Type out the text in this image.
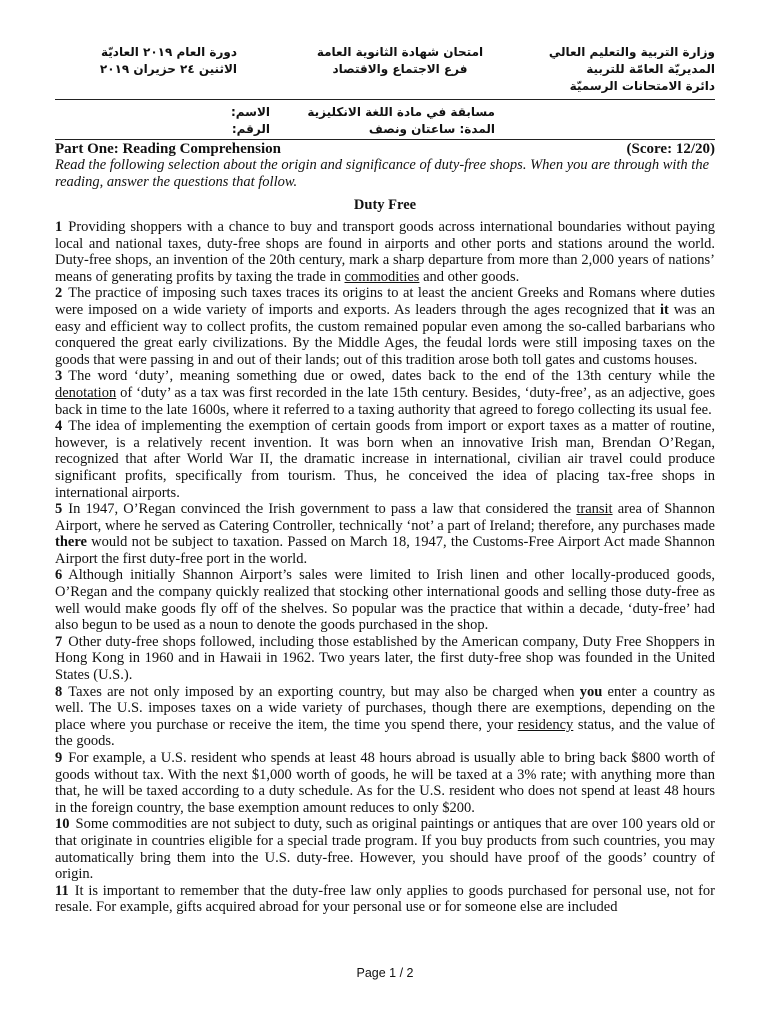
وزارة التربية والتعليم العالي
المديريّة العامّة للتربية
دائرة الامتحانات الرسميّة
امتحان شهادة الثانوية العامة
فرع الاجتماع والاقتصاد
دورة العام ٢٠١٩ العاديّة
الاثنين ٢٤ حزيران ٢٠١٩
مسابقة في مادة اللغة الانكليزية
المدة: ساعتان ونصف
الاسم:
الرقم:
Part One: Reading Comprehension	(Score: 12/20)
Read the following selection about the origin and significance of duty-free shops. When you are through with the reading, answer the questions that follow.
Duty Free

1 Providing shoppers with a chance to buy and transport goods across international boundaries without paying local and national taxes, duty-free shops are found in airports and other ports and stations around the world. Duty-free shops, an invention of the 20th century, mark a sharp departure from more than 2,000 years of nations’ means of generating profits by taxing the trade in commodities and other goods.

2 The practice of imposing such taxes traces its origins to at least the ancient Greeks and Romans where duties were imposed on a wide variety of imports and exports. As leaders through the ages recognized that it was an easy and efficient way to collect profits, the custom remained popular even among the so-called barbarians who conquered the great early civilizations. By the Middle Ages, the feudal lords were still imposing taxes on the goods that were passing in and out of their lands; out of this tradition arose both toll gates and customs houses.

3 The word ‘duty’, meaning something due or owed, dates back to the end of the 13th century while the denotation of ‘duty’ as a tax was first recorded in the late 15th century. Besides, ‘duty-free’, as an adjective, goes back in time to the late 1600s, where it referred to a taxing authority that agreed to forego collecting its usual fee.

4 The idea of implementing the exemption of certain goods from import or export taxes as a matter of routine, however, is a relatively recent invention. It was born when an innovative Irish man, Brendan O’Regan, recognized that after World War II, the dramatic increase in international, civilian air travel could produce significant profits, specifically from tourism. Thus, he conceived the idea of placing tax-free shops in international airports.

5 In 1947, O’Regan convinced the Irish government to pass a law that considered the transit area of Shannon Airport, where he served as Catering Controller, technically ‘not’ a part of Ireland; therefore, any purchases made there would not be subject to taxation. Passed on March 18, 1947, the Customs-Free Airport Act made Shannon Airport the first duty-free port in the world.

6 Although initially Shannon Airport’s sales were limited to Irish linen and other locally-produced goods, O’Regan and the company quickly realized that stocking other international goods and selling those duty-free as well would make goods fly off of the shelves. So popular was the practice that within a decade, ‘duty-free’ had also begun to be used as a noun to denote the goods purchased in the shop.

7 Other duty-free shops followed, including those established by the American company, Duty Free Shoppers in Hong Kong in 1960 and in Hawaii in 1962. Two years later, the first duty-free shop was founded in the United States (U.S.).

8 Taxes are not only imposed by an exporting country, but may also be charged when you enter a country as well. The U.S. imposes taxes on a wide variety of purchases, though there are exemptions, depending on the place where you purchase or receive the item, the time you spend there, your residency status, and the value of the goods.

9 For example, a U.S. resident who spends at least 48 hours abroad is usually able to bring back $800 worth of goods without tax. With the next $1,000 worth of goods, he will be taxed at a 3% rate; with anything more than that, he will be taxed according to a duty schedule. As for the U.S. resident who does not spend at least 48 hours in the foreign country, the base exemption amount reduces to only $200.

10 Some commodities are not subject to duty, such as original paintings or antiques that are over 100 years old or that originate in countries eligible for a special trade program. If you buy products from such countries, you may automatically bring them into the U.S. duty-free. However, you should have proof of the goods’ country of origin.

11 It is important to remember that the duty-free law only applies to goods purchased for personal use, not for resale. For example, gifts acquired abroad for your personal use or for someone else are included

Page 1 / 2
